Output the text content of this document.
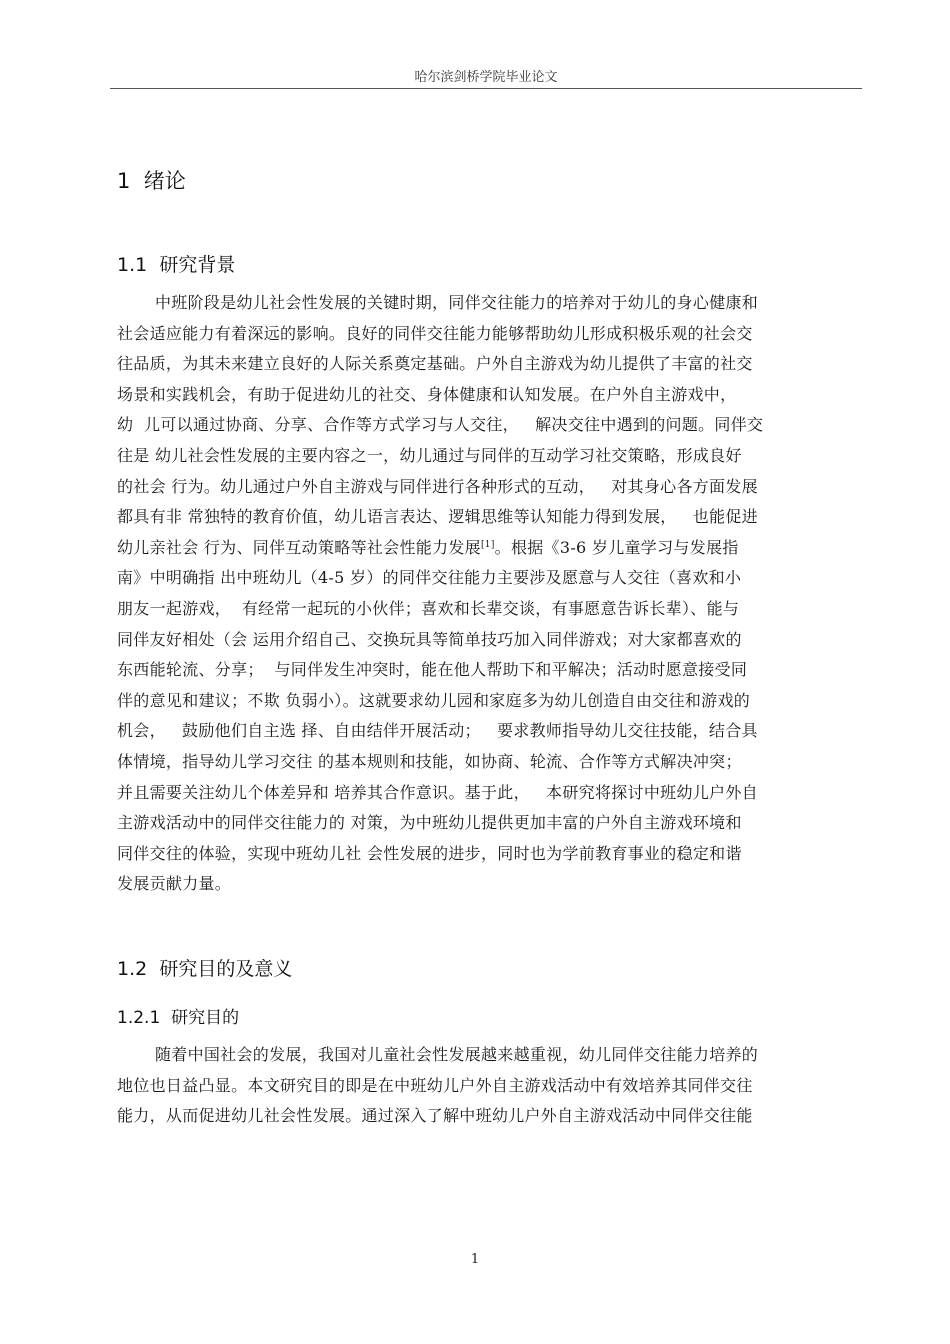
哈尔滨剑桥学院毕业论文
1 绪论
1.1 研究背景
中班阶段是幼儿社会性发展的关键时期，同伴交往能力的培养对于幼儿的身心健康和
社会适应能力有着深远的影响。良好的同伴交往能力能够帮助幼儿形成积极乐观的社会交
往品质，为其未来建立良好的人际关系奠定基础。户外自主游戏为幼儿提供了丰富的社交
场景和实践机会，有助于促进幼儿的社交、身体健康和认知发展。在户外自主游戏中，
幼  儿可以通过协商、分享、合作等方式学习与人交往，   解决交往中遇到的问题。同伴交
往是 幼儿社会性发展的主要内容之一，幼儿通过与同伴的互动学习社交策略，形成良好
的社会 行为。幼儿通过户外自主游戏与同伴进行各种形式的互动，   对其身心各方面发展
都具有非 常独特的教育价值，幼儿语言表达、逻辑思维等认知能力得到发展，   也能促进
幼儿亲社会 行为、同伴互动策略等社会性能力发展[1]。根据《3-6 岁儿童学习与发展指
南》中明确指 出中班幼儿（4-5 岁）的同伴交往能力主要涉及愿意与人交往（喜欢和小
朋友一起游戏，  有经常一起玩的小伙伴；喜欢和长辈交谈，有事愿意告诉长辈）、能与
同伴友好相处（会 运用介绍自己、交换玩具等简单技巧加入同伴游戏；对大家都喜欢的
东西能轮流、分享；  与同伴发生冲突时，能在他人帮助下和平解决；活动时愿意接受同
伴的意见和建议；不欺 负弱小）。这就要求幼儿园和家庭多为幼儿创造自由交往和游戏的
机会，   鼓励他们自主选 择、自由结伴开展活动；   要求教师指导幼儿交往技能，结合具
体情境，指导幼儿学习交往 的基本规则和技能，如协商、轮流、合作等方式解决冲突；
并且需要关注幼儿个体差异和 培养其合作意识。基于此，   本研究将探讨中班幼儿户外自
主游戏活动中的同伴交往能力的 对策，为中班幼儿提供更加丰富的户外自主游戏环境和
同伴交往的体验，实现中班幼儿社 会性发展的进步，同时也为学前教育事业的稳定和谐
发展贡献力量。
1.2 研究目的及意义
1.2.1 研究目的
随着中国社会的发展，我国对儿童社会性发展越来越重视，幼儿同伴交往能力培养的
地位也日益凸显。本文研究目的即是在中班幼儿户外自主游戏活动中有效培养其同伴交往
能力，从而促进幼儿社会性发展。通过深入了解中班幼儿户外自主游戏活动中同伴交往能
1
